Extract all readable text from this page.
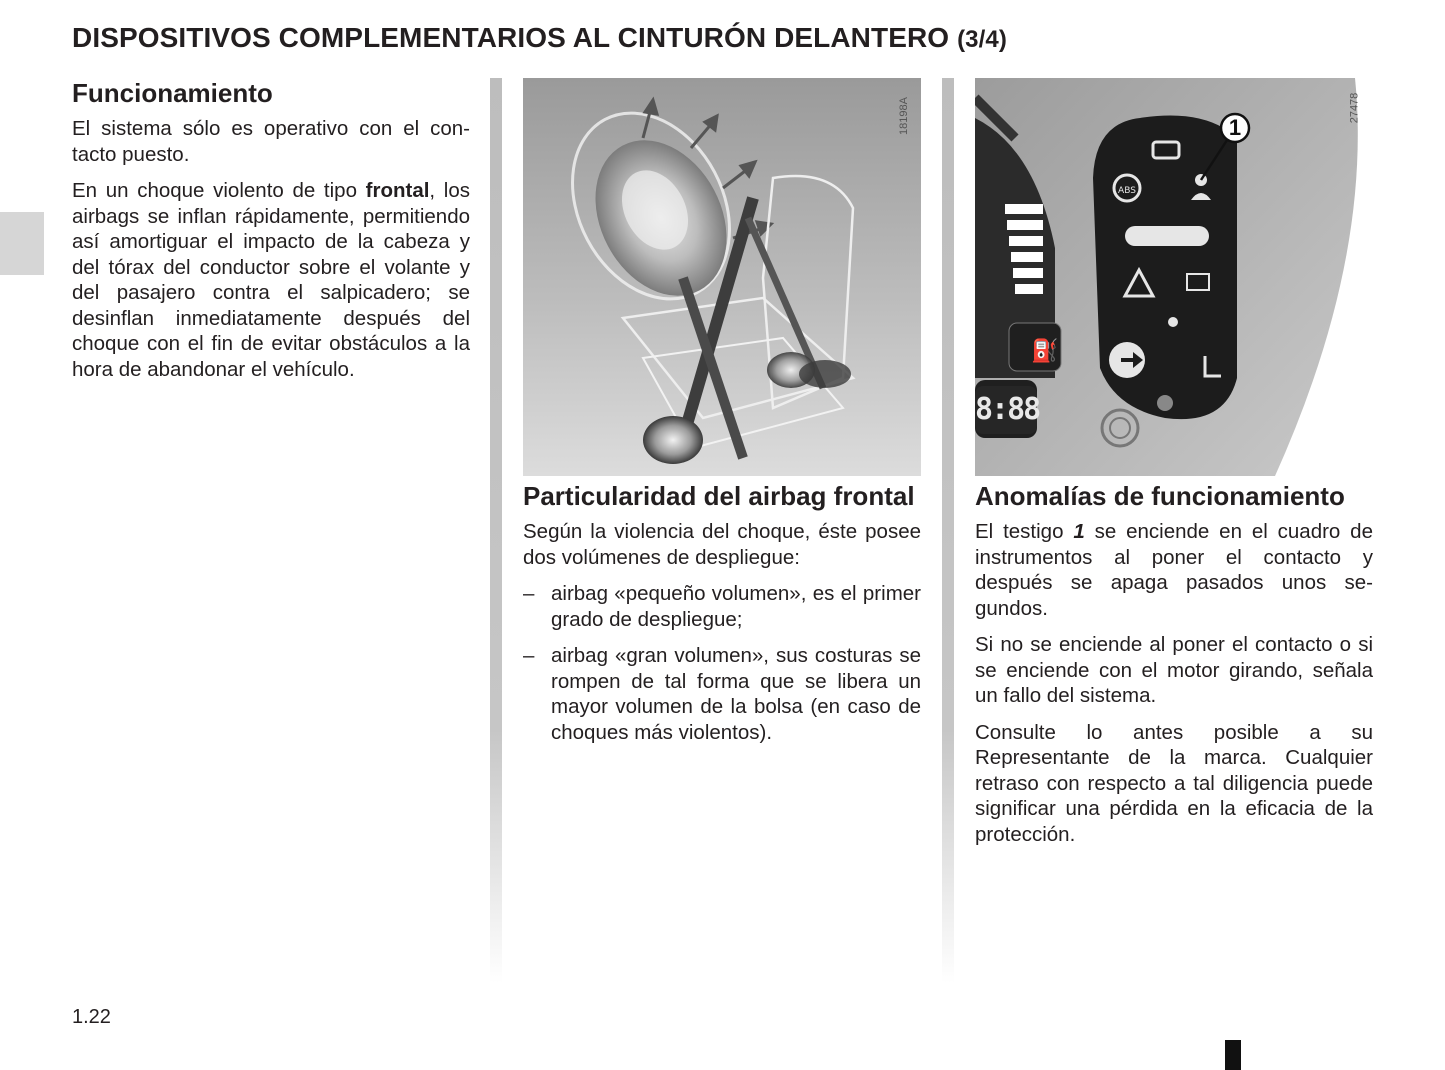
DISPOSITIVOS COMPLEMENTARIOS AL CINTURÓN DELANTERO (3/4)
Funcionamiento

El sistema sólo es operativo con el contacto puesto.

En un choque violento de tipo frontal, los airbags se inflan rápidamente, permitiendo así amortiguar el impacto de la cabeza y del tórax del conductor sobre el volante y del pasajero contra el salpicadero; se desinflan inmediatamente después del choque con el fin de evitar obstáculos a la hora de abandonar el vehículo.

18198A
Particularidad del airbag frontal

Según la violencia del choque, éste posee dos volúmenes de despliegue:

– airbag «pequeño volumen», es el primer grado de despliegue;
– airbag «gran volumen», sus costuras se rompen de tal forma que se libera un mayor volumen de la bolsa (en caso de choques más violentos).
⛽
ABS
1
8:88
27478
Anomalías de funcionamiento

El testigo 1 se enciende en el cuadro de instrumentos al poner el contacto y después se apaga pasados unos segundos.

Si no se enciende al poner el contacto o si se enciende con el motor girando, señala un fallo del sistema.

Consulte lo antes posible a su Representante de la marca. Cualquier retraso con respecto a tal diligencia puede significar una pérdida en la eficacia de la protección.

1.22
